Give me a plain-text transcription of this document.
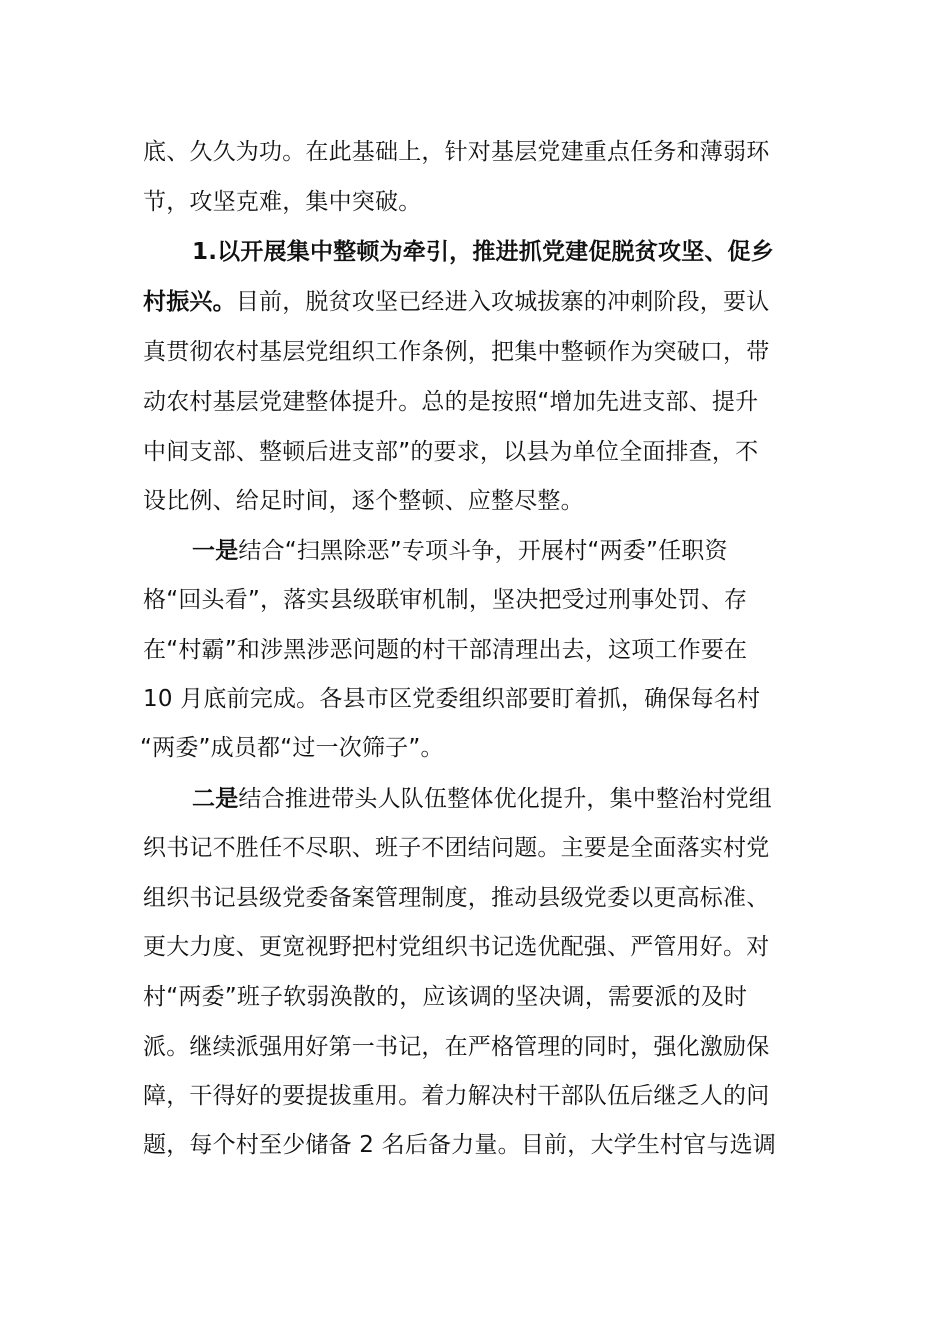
底、久久为功。在此基础上，针对基层党建重点任务和薄弱环
节，攻坚克难，集中突破。
1.以开展集中整顿为牵引，推进抓党建促脱贫攻坚、促乡
村振兴。目前，脱贫攻坚已经进入攻城拔寨的冲刺阶段，要认
真贯彻农村基层党组织工作条例，把集中整顿作为突破口，带
动农村基层党建整体提升。总的是按照“增加先进支部、提升
中间支部、整顿后进支部”的要求，以县为单位全面排查，不
设比例、给足时间，逐个整顿、应整尽整。
一是结合“扫黑除恶”专项斗争，开展村“两委”任职资
格“回头看”，落实县级联审机制，坚决把受过刑事处罚、存
在“村霸”和涉黑涉恶问题的村干部清理出去，这项工作要在
10 月底前完成。各县市区党委组织部要盯着抓，确保每名村
“两委”成员都“过一次筛子”。
二是结合推进带头人队伍整体优化提升，集中整治村党组
织书记不胜任不尽职、班子不团结问题。主要是全面落实村党
组织书记县级党委备案管理制度，推动县级党委以更高标准、
更大力度、更宽视野把村党组织书记选优配强、严管用好。对
村“两委”班子软弱涣散的，应该调的坚决调，需要派的及时
派。继续派强用好第一书记，在严格管理的同时，强化激励保
障，干得好的要提拔重用。着力解决村干部队伍后继乏人的问
题，每个村至少储备 2 名后备力量。目前，大学生村官与选调
